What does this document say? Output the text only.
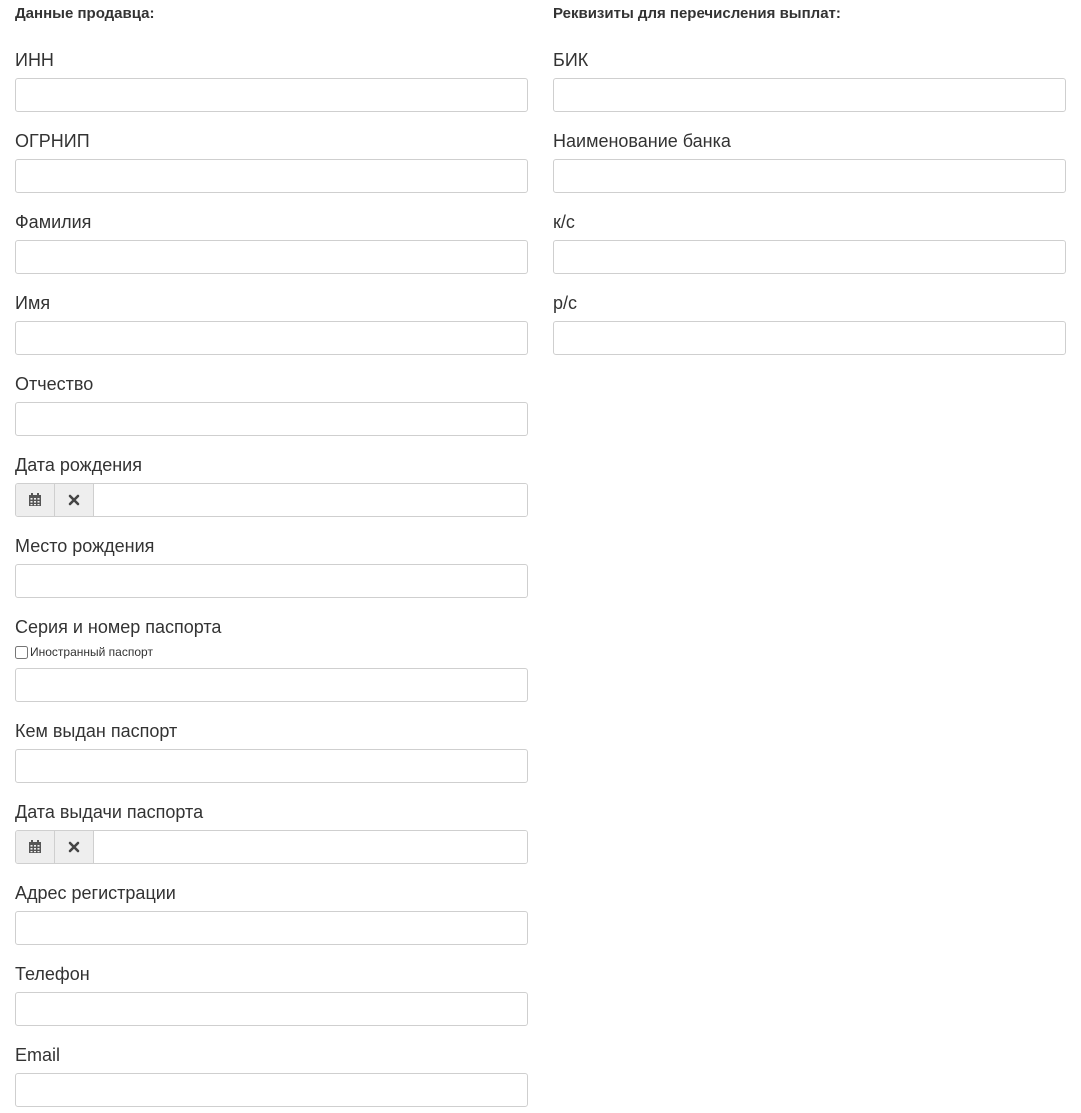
Данные продавца:
ИНН
ОГРНИП
Фамилия
Имя
Отчество
Дата рождения
Место рождения
Серия и номер паспорта
Иностранный паспорт
Кем выдан паспорт
Дата выдачи паспорта
Адрес регистрации
Телефон
Email
Реквизиты для перечисления выплат:
БИК
Наименование банка
к/с
р/с
